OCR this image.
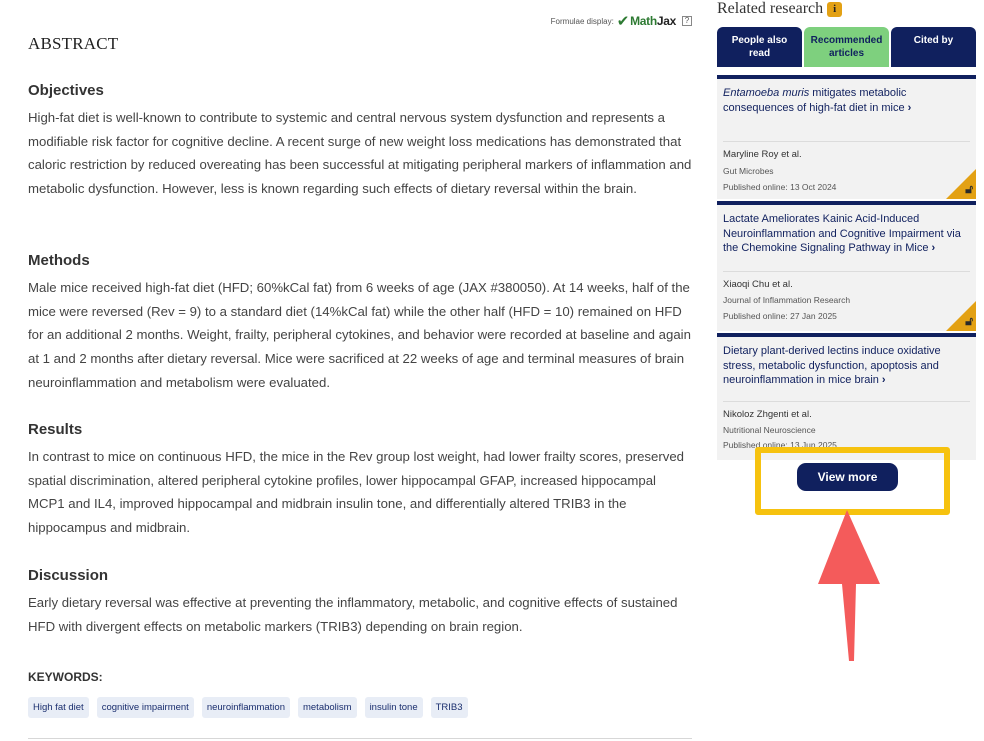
Formulae display: ✔ Math Jax	?
ABSTRACT
Objectives

High-fat diet is well-known to contribute to systemic and central nervous system dysfunction and represents a modifiable risk factor for cognitive decline. A recent surge of new weight loss medications has demonstrated that caloric restriction by reduced overeating has been successful at mitigating peripheral markers of inflammation and metabolic dysfunction. However, less is known regarding such effects of dietary reversal within the brain.

Methods

Male mice received high-fat diet (HFD; 60%kCal fat) from 6 weeks of age (JAX #380050). At 14 weeks, half of the mice were reversed (Rev = 9) to a standard diet (14%kCal fat) while the other half (HFD = 10) remained on HFD for an additional 2 months. Weight, frailty, peripheral cytokines, and behavior were recorded at baseline and again at 1 and 2 months after dietary reversal. Mice were sacrificed at 22 weeks of age and terminal measures of brain neuroinflammation and metabolism were evaluated.

Results

In contrast to mice on continuous HFD, the mice in the Rev group lost weight, had lower frailty scores, preserved spatial discrimination, altered peripheral cytokine profiles, lower hippocampal GFAP, increased hippocampal MCP1 and IL4, improved hippocampal and midbrain insulin tone, and differentially altered TRIB3 in the hippocampus and midbrain.

Discussion

Early dietary reversal was effective at preventing the inflammatory, metabolic, and cognitive effects of sustained HFD with divergent effects on metabolic markers (TRIB3) depending on brain region.

KEYWORDS:
High fat diet	cognitive impairment	neuroinflammation	metabolism	insulin tone	TRIB3
Related research i
People also
read
Recommended
articles
Cited by
Entamoeba muris mitigates metabolic consequences of high-fat diet in mice ›
Maryline Roy et al.
Gut Microbes
Published online: 13 Oct 2024	🔓︎
Lactate Ameliorates Kainic Acid-Induced Neuroinflammation and Cognitive Impairment via the Chemokine Signaling Pathway in Mice ›
Xiaoqi Chu et al.
Journal of Inflammation Research
Published online: 27 Jan 2025	🔓︎
Dietary plant-derived lectins induce oxidative stress, metabolic dysfunction, apoptosis and neuroinflammation in mice brain ›
Nikoloz Zhgenti et al.
Nutritional Neuroscience
Published online: 13 Jun 2025
View more
